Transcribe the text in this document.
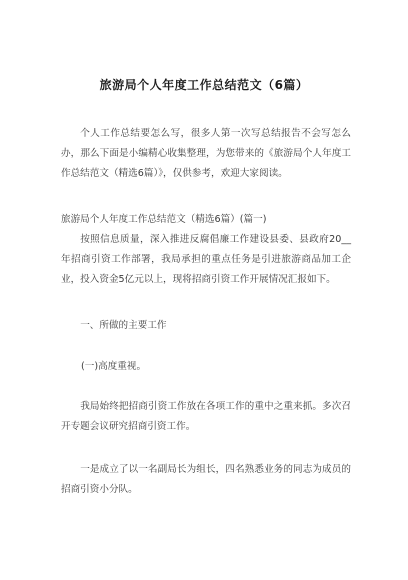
旅游局个人年度工作总结范文（6篇）
个人工作总结要怎么写，很多人第一次写总结报告不会写怎么办，那么下面是小编精心收集整理，为您带来的《旅游局个人年度工作总结范文（精选6篇）》，仅供参考，欢迎大家阅读。
旅游局个人年度工作总结范文（精选6篇）(篇一)
按照信息质量，深入推进反腐倡廉工作建设县委、县政府20__年招商引资工作部署，我局承担的重点任务是引进旅游商品加工企业，投入资金5亿元以上，现将招商引资工作开展情况汇报如下。
一、所做的主要工作
(一)高度重视。
我局始终把招商引资工作放在各项工作的重中之重来抓。多次召开专题会议研究招商引资工作。
一是成立了以一名副局长为组长，四名熟悉业务的同志为成员的招商引资小分队。
